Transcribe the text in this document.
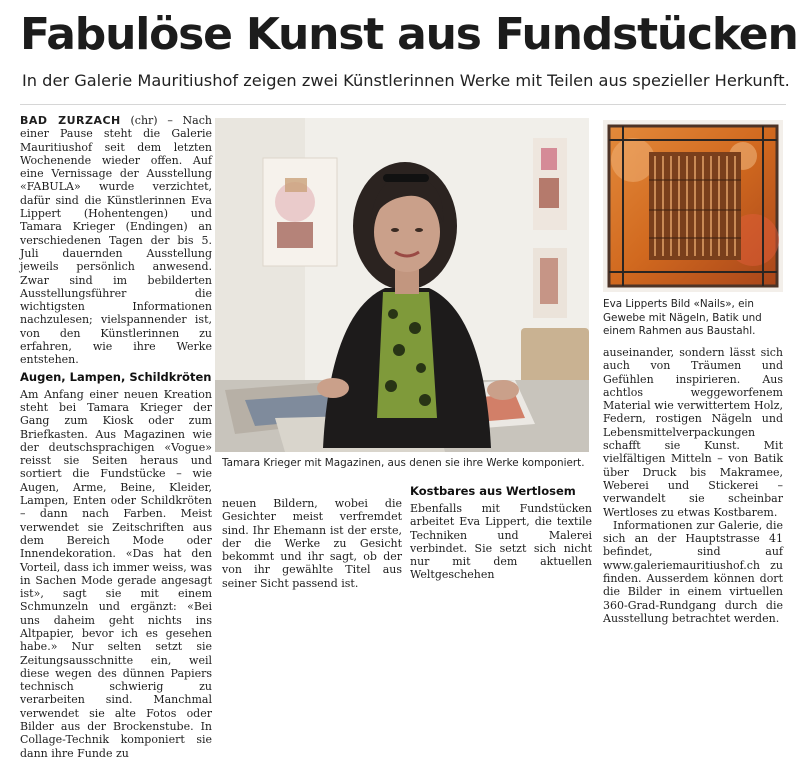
Fabulöse Kunst aus Fundstücken
In der Galerie Mauritiushof zeigen zwei Künstlerinnen Werke mit Teilen aus spezieller Herkunft.

BAD ZURZACH (chr) – Nach einer Pause steht die Galerie Mauritiushof seit dem letzten Wochenende wieder offen. Auf eine Vernissage der Ausstellung «FABULA» wurde verzichtet, dafür sind die Künstlerinnen Eva Lippert (Hohentengen) und Tamara Krieger (Endingen) an verschiedenen Tagen der bis 5. Juli dauernden Ausstellung jeweils persönlich anwesend. Zwar sind im bebilderten Ausstellungsführer die wichtigsten Informationen nachzulesen; vielspannender ist, von den Künstlerinnen zu erfahren, wie ihre Werke entstehen.

Augen, Lampen, Schildkröten

Am Anfang einer neuen Kreation steht bei Tamara Krieger der Gang zum Kiosk oder zum Briefkasten. Aus Magazinen wie der deutschsprachigen «Vogue» reisst sie Seiten heraus und sortiert die Fundstücke – wie Augen, Arme, Beine, Kleider, Lampen, Enten oder Schildkröten – dann nach Farben. Meist verwendet sie Zeitschriften aus dem Bereich Mode oder Innendekoration. «Das hat den Vorteil, dass ich immer weiss, was in Sachen Mode gerade angesagt ist», sagt sie mit einem Schmunzeln und ergänzt: «Bei uns daheim geht nichts ins Altpapier, bevor ich es gesehen habe.» Nur selten setzt sie Zeitungsausschnitte ein, weil diese wegen des dünnen Papiers technisch schwierig zu verarbeiten sind. Manchmal verwendet sie alte Fotos oder Bilder aus der Brockenstube. In Collage-Technik komponiert sie dann ihre Funde zu

Tamara Krieger mit Magazinen, aus denen sie ihre Werke komponiert.
Eva Lipperts Bild «Nails», ein Gewebe mit Nägeln, Batik und einem Rahmen aus Baustahl.

neuen Bildern, wobei die Gesichter meist verfremdet sind. Ihr Ehemann ist der erste, der die Werke zu Gesicht bekommt und ihr sagt, ob der von ihr gewählte Titel aus seiner Sicht passend ist.

Kostbares aus Wertlosem

Ebenfalls mit Fundstücken arbeitet Eva Lippert, die textile Techniken und Malerei verbindet. Sie setzt sich nicht nur mit dem aktuellen Weltgeschehen

auseinander, sondern lässt sich auch von Träumen und Gefühlen inspirieren. Aus achtlos weggeworfenem Material wie verwittertem Holz, Federn, rostigen Nägeln und Lebensmittelverpackungen schafft sie Kunst. Mit vielfältigen Mitteln – von Batik über Druck bis Makramee, Weberei und Stickerei – verwandelt sie scheinbar Wertloses zu etwas Kostbarem.

Informationen zur Galerie, die sich an der Hauptstrasse 41 befindet, sind auf www.galeriemauritiushof.ch zu finden. Ausserdem können dort die Bilder in einem virtuellen 360-Grad-Rundgang durch die Ausstellung betrachtet werden.
